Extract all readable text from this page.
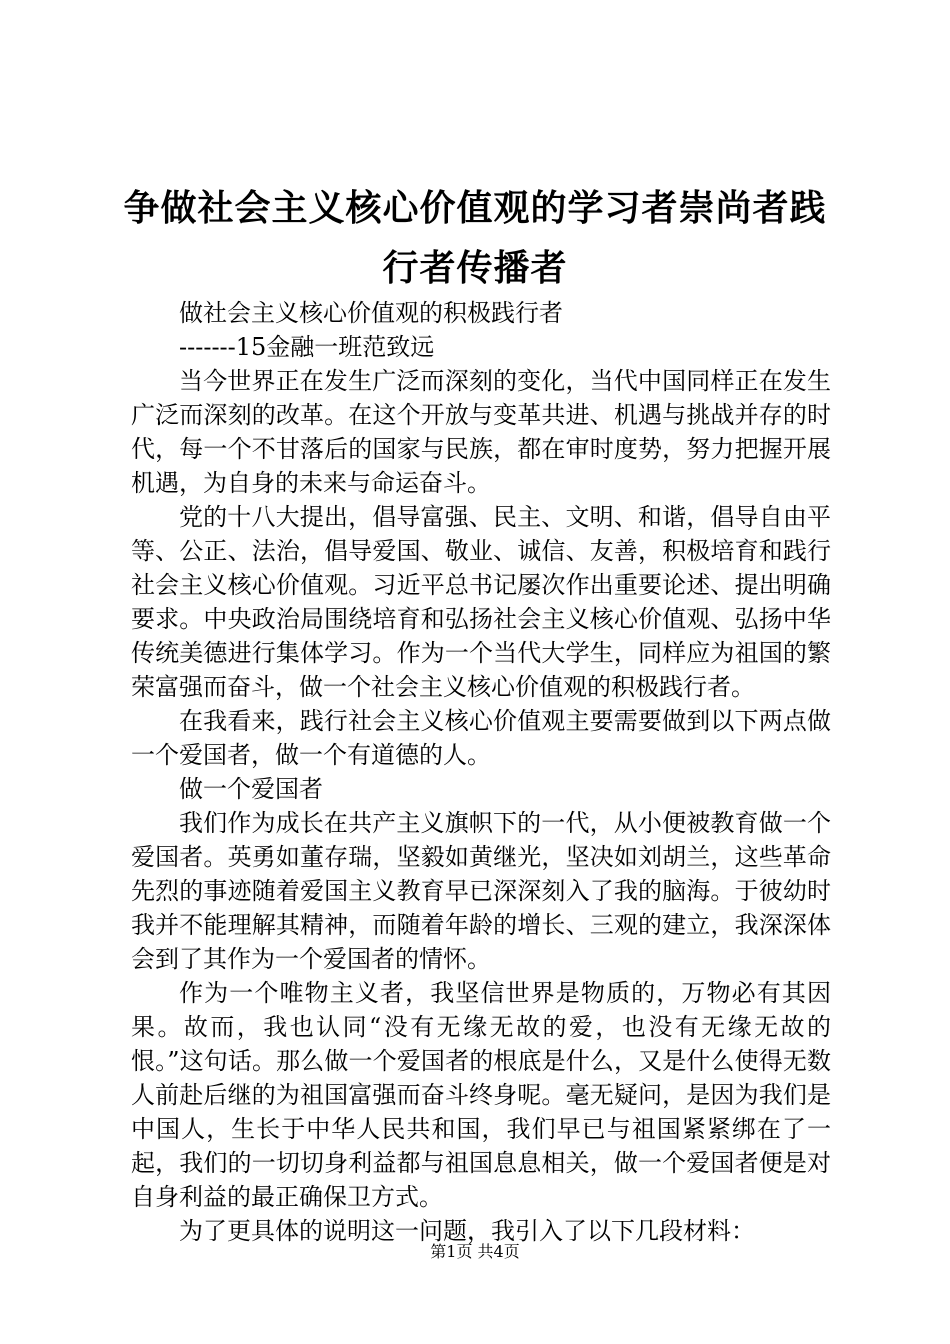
争做社会主义核心价值观的学习者崇尚者践行者传播者

做社会主义核心价值观的积极践行者

-------15金融一班范致远

当今世界正在发生广泛而深刻的变化，当代中国同样正在发生广泛而深刻的改革。在这个开放与变革共进、机遇与挑战并存的时代，每一个不甘落后的国家与民族，都在审时度势，努力把握开展机遇，为自身的未来与命运奋斗。

党的十八大提出，倡导富强、民主、文明、和谐，倡导自由平等、公正、法治，倡导爱国、敬业、诚信、友善，积极培育和践行社会主义核心价值观。习近平总书记屡次作出重要论述、提出明确要求。中央政治局围绕培育和弘扬社会主义核心价值观、弘扬中华传统美德进行集体学习。作为一个当代大学生，同样应为祖国的繁荣富强而奋斗，做一个社会主义核心价值观的积极践行者。

在我看来，践行社会主义核心价值观主要需要做到以下两点做一个爱国者，做一个有道德的人。

做一个爱国者

我们作为成长在共产主义旗帜下的一代，从小便被教育做一个爱国者。英勇如董存瑞，坚毅如黄继光，坚决如刘胡兰，这些革命先烈的事迹随着爱国主义教育早已深深刻入了我的脑海。于彼幼时我并不能理解其精神，而随着年龄的增长、三观的建立，我深深体会到了其作为一个爱国者的情怀。

作为一个唯物主义者，我坚信世界是物质的，万物必有其因果。故而，我也认同“没有无缘无故的爱，也没有无缘无故的恨。”这句话。那么做一个爱国者的根底是什么，又是什么使得无数人前赴后继的为祖国富强而奋斗终身呢。毫无疑问，是因为我们是中国人，生长于中华人民共和国，我们早已与祖国紧紧绑在了一起，我们的一切切身利益都与祖国息息相关，做一个爱国者便是对自身利益的最正确保卫方式。

为了更具体的说明这一问题，我引入了以下几段材料：

第1页 共4页
